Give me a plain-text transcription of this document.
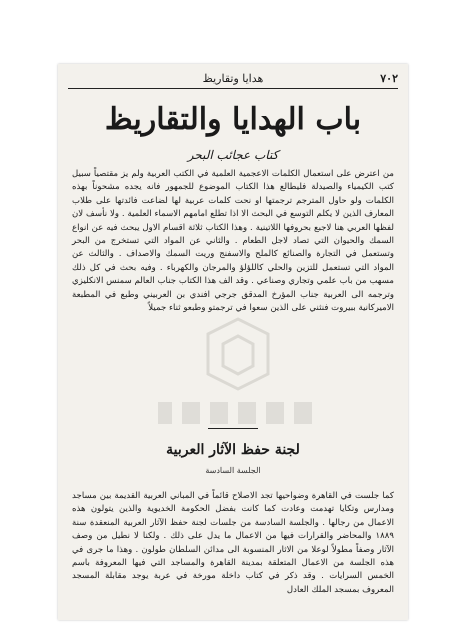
٧٠٢
هدايا وتقاريظ
باب الهدايا والتقاريظ
كتاب عجائب البحر
من اعترض على استعمال الكلمات الاعجمية العلمية في الكتب العربية ولم يز مقتصياً سبيل كتب الكيمياء والصيدلة فليطالع هذا الكتاب الموضوع للجمهور فانه يجده مشحوناً بهذه الكلمات ولو حاول المترجم ترجمتها او نحت كلمات عربية لها لضاعت فائدتها على طلاب المعارف الذين لا يكلم التوسع في البحث الا اذا تطلع امامهم الاسماء العلمية . ولا نأسف لان لفظها العربي هنا لاجبع بحروفها اللاتينية . وهذا الكتاب ثلاثة اقسام الاول يبحث فيه عن انواع السمك والحيوان التي تصاد لاجل الطعام . والثاني عن المواد التي تستخرج من البحر وتستعمل في التجارة والصنائع كالملح والاسفنج وريت السمك والاصداف . والثالث عن المواد التي تستعمل للتزين والحلي كاللؤلؤ والمرجان والكهرباء . وفيه بحث في كل ذلك مسهب من باب علمي وتجاري وصناعي . وقد الف هذا الكتاب جناب العالم سمنس الانكليزي وترجمه الى العربية جناب المؤرخ المدقق جرجي افندي بن العربيني وطبع في المطبعة الاميركانية ببيروت فنثني على الذين سعوا في ترجمتو وطبعو ثناء جميلاً
لجنة حفظ الآثار العربية
الجلسة السادسة
كما جلست في القاهرة وضواحيها تجد الاصلاح قائماً في المباني العربية القديمة بين مساجد ومدارس وتكايا تهدمت وعادت كما كانت بفضل الحكومة الخديوية والذين يتولون هذه الاعمال من رجالها . والجلسة السادسة من جلسات لجنة حفظ الآثار العربية المنعقدة سنة ١٨٨٩ والمحاضر والقرارات فيها من الاعمال ما يدل على ذلك . ولكنا لا نطيل من وصف الآثار وصفاً مطولاً لوعلا من الاثار المنسوبة الى مدائن السلطان طولون . وهذا ما جرى في هذه الجلسة من الاعمال المتعلقة بمدينة القاهرة والمساجد التي فيها المعروفة باسم الخمس السرايات . وقد ذكر في كتاب داخلة مورخة في عربة يوجد مقابلة المسجد المعروف بمسجد الملك العادل
